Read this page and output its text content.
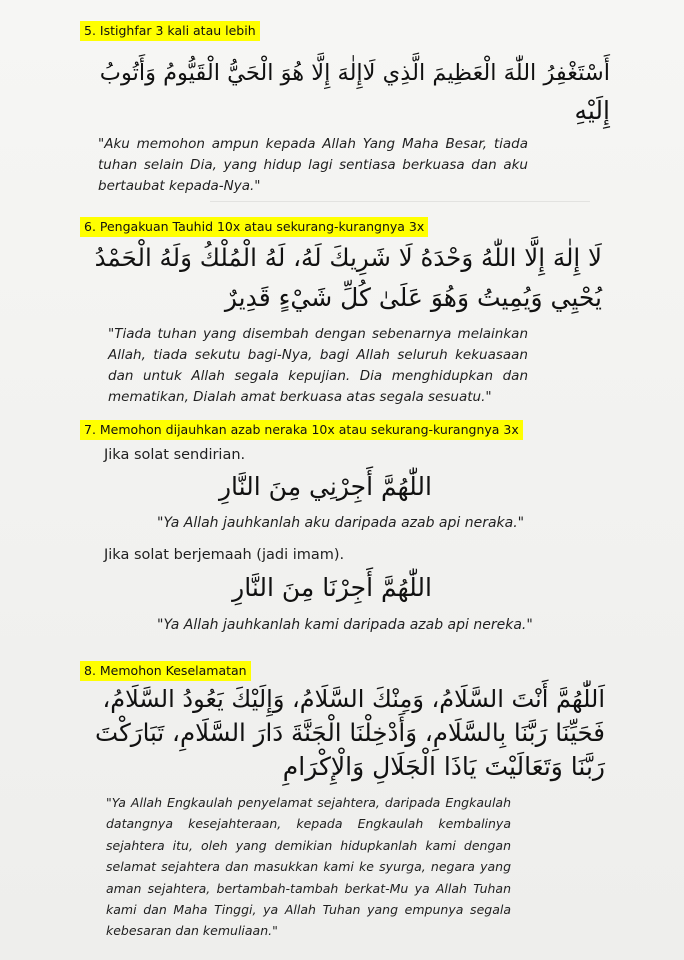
5. Istighfar 3 kali atau lebih
أَسْتَغْفِرُ اللّٰهَ الْعَظِيمَ الَّذِي لَاإِلٰهَ إِلَّا هُوَ الْحَيُّ الْقَيُّومُ وَأَتُوبُ
إِلَيْهِ
"Aku memohon ampun kepada Allah Yang Maha Besar, tiada tuhan selain Dia, yang hidup lagi sentiasa berkuasa dan aku bertaubat kepada-Nya."
6. Pengakuan Tauhid 10x atau sekurang-kurangnya 3x
لَا إِلٰهَ إِلَّا اللّٰهُ وَحْدَهُ لَا شَرِيكَ لَهُ، لَهُ الْمُلْكُ وَلَهُ الْحَمْدُ
يُحْيِي وَيُمِيتُ وَهُوَ عَلَىٰ كُلِّ شَيْءٍ قَدِيرٌ
"Tiada tuhan yang disembah dengan sebenarnya melainkan Allah, tiada sekutu bagi-Nya, bagi Allah seluruh kekuasaan dan untuk Allah segala kepujian. Dia menghidupkan dan mematikan, Dialah amat berkuasa atas segala sesuatu."
7. Memohon dijauhkan azab neraka 10x atau sekurang-kurangnya 3x
Jika solat sendirian.
اللّٰهُمَّ أَجِرْنِي مِنَ النَّارِ
"Ya Allah jauhkanlah aku daripada azab api neraka."
Jika solat berjemaah (jadi imam).
اللّٰهُمَّ أَجِرْنَا مِنَ النَّارِ
"Ya Allah jauhkanlah kami daripada azab api nereka."
8. Memohon Keselamatan
اَللّٰهُمَّ أَنْتَ السَّلَامُ، وَمِنْكَ السَّلَامُ، وَإِلَيْكَ يَعُودُ السَّلَامُ،
فَحَيِّنَا رَبَّنَا بِالسَّلَامِ، وَأَدْخِلْنَا الْجَنَّةَ دَارَ السَّلَامِ، تَبَارَكْتَ
رَبَّنَا وَتَعَالَيْتَ يَاذَا الْجَلَالِ وَالْإِكْرَامِ
"Ya Allah Engkaulah penyelamat sejahtera, daripada Engkaulah datangnya kesejahteraan, kepada Engkaulah kembalinya sejahtera itu, oleh yang demikian hidupkanlah kami dengan selamat sejahtera dan masukkan kami ke syurga, negara yang aman sejahtera, bertambah-tambah berkat-Mu ya Allah Tuhan kami dan Maha Tinggi, ya Allah Tuhan yang empunya segala kebesaran dan kemuliaan."
